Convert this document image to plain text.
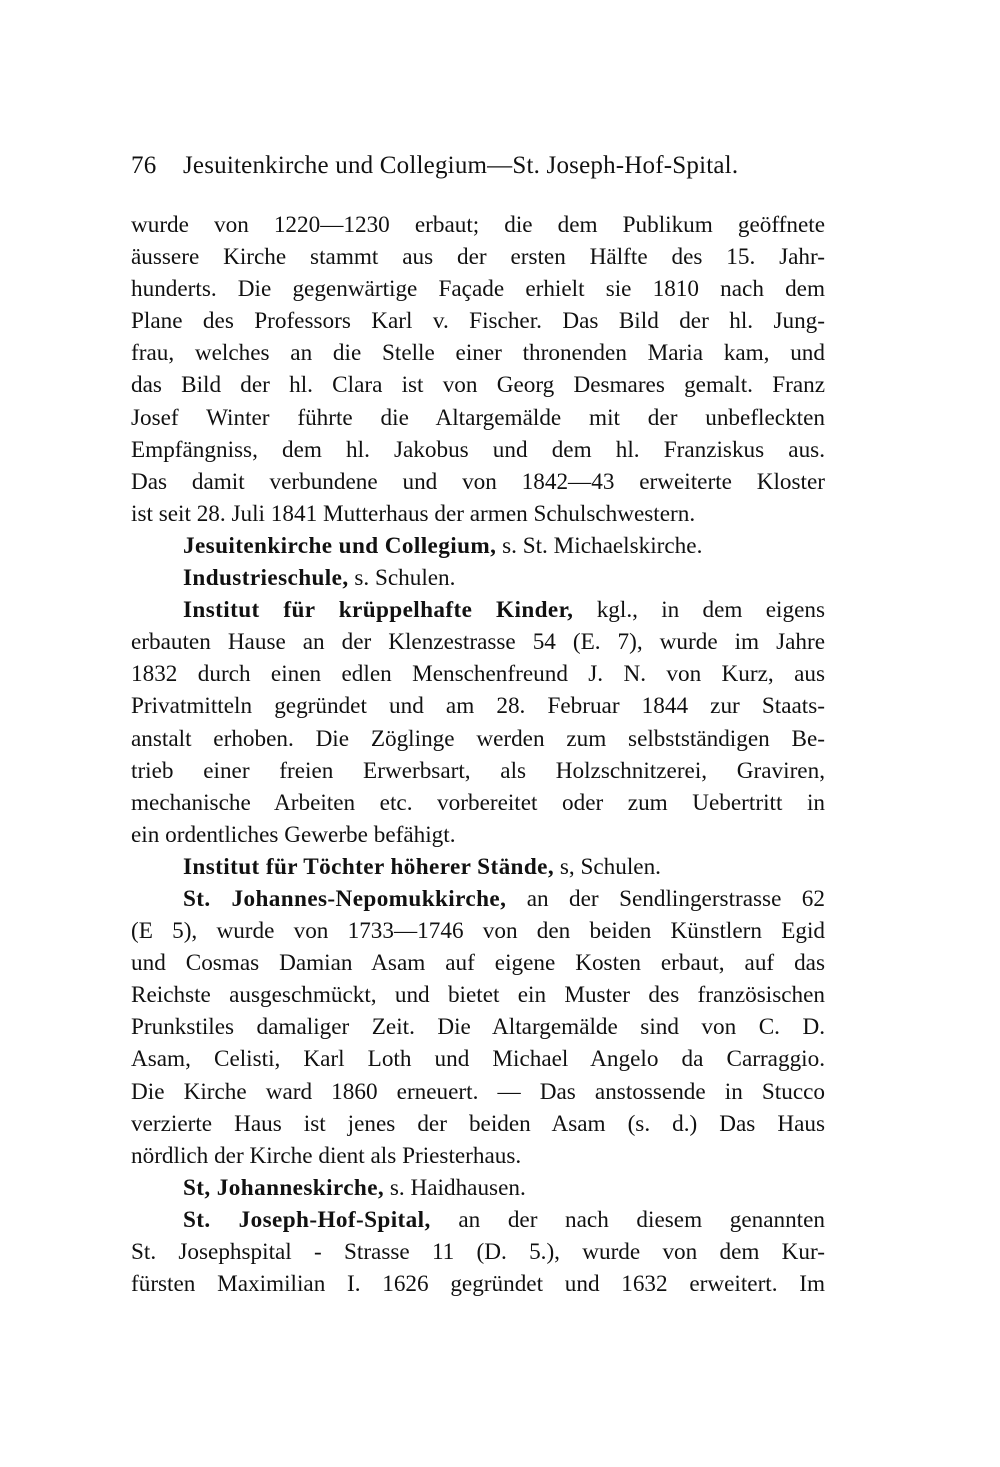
76 Jesuitenkirche und Collegium—St. Joseph-Hof-Spital.
wurde von 1220—1230 erbaut; die dem Publikum geöffnete
äussere Kirche stammt aus der ersten Hälfte des 15. Jahr-
hunderts. Die gegenwärtige Façade erhielt sie 1810 nach dem
Plane des Professors Karl v. Fischer. Das Bild der hl. Jung-
frau, welches an die Stelle einer thronenden Maria kam, und
das Bild der hl. Clara ist von Georg Desmares gemalt. Franz
Josef Winter führte die Altargemälde mit der unbefleckten
Empfängniss, dem hl. Jakobus und dem hl. Franziskus aus.
Das damit verbundene und von 1842—43 erweiterte Kloster
ist seit 28. Juli 1841 Mutterhaus der armen Schulschwestern.
Jesuitenkirche und Collegium, s. St. Michaelskirche.
Industrieschule, s. Schulen.
Institut für krüppelhafte Kinder, kgl., in dem eigens
erbauten Hause an der Klenzestrasse 54 (E. 7), wurde im Jahre
1832 durch einen edlen Menschenfreund J. N. von Kurz, aus
Privatmitteln gegründet und am 28. Februar 1844 zur Staats-
anstalt erhoben. Die Zöglinge werden zum selbstständigen Be-
trieb einer freien Erwerbsart, als Holzschnitzerei, Graviren,
mechanische Arbeiten etc. vorbereitet oder zum Uebertritt in
ein ordentliches Gewerbe befähigt.
Institut für Töchter höherer Stände, s, Schulen.
St. Johannes-Nepomukkirche, an der Sendlingerstrasse 62
(E 5), wurde von 1733—1746 von den beiden Künstlern Egid
und Cosmas Damian Asam auf eigene Kosten erbaut, auf das
Reichste ausgeschmückt, und bietet ein Muster des französischen
Prunkstiles damaliger Zeit. Die Altargemälde sind von C. D.
Asam, Celisti, Karl Loth und Michael Angelo da Carraggio.
Die Kirche ward 1860 erneuert. — Das anstossende in Stucco
verzierte Haus ist jenes der beiden Asam (s. d.) Das Haus
nördlich der Kirche dient als Priesterhaus.
St, Johanneskirche, s. Haidhausen.
St. Joseph-Hof-Spital, an der nach diesem genannten
St. Josephspital - Strasse 11 (D. 5.), wurde von dem Kur-
fürsten Maximilian I. 1626 gegründet und 1632 erweitert. Im
